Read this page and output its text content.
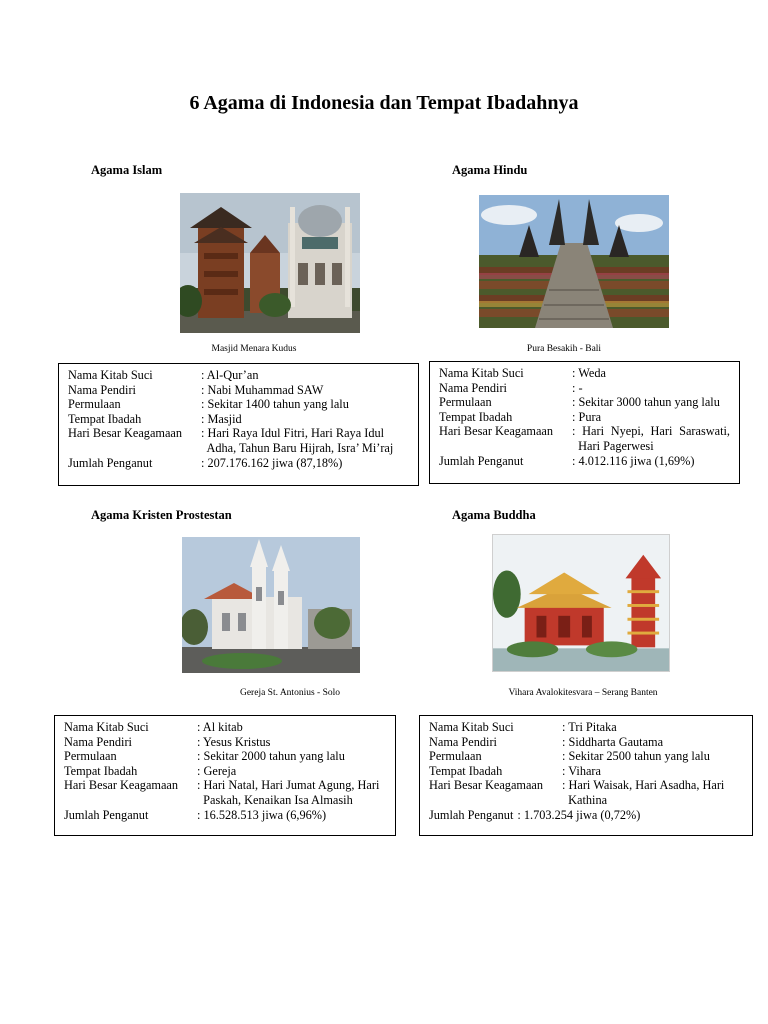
6 Agama di Indonesia dan Tempat Ibadahnya
Agama Islam
Masjid Menara Kudus
Nama Kitab Suci	: Al-Qur’an
Nama Pendiri	: Nabi Muhammad SAW
Permulaan	: Sekitar 1400 tahun yang lalu
Tempat Ibadah	: Masjid
Hari Besar Keagamaan	: Hari Raya Idul Fitri, Hari Raya Idul
Adha, Tahun Baru Hijrah, Isra’ Mi’raj
Jumlah Penganut	: 207.176.162 jiwa (87,18%)
Agama Hindu
Pura Besakih - Bali
Nama Kitab Suci	: Weda
Nama Pendiri	: -
Permulaan	: Sekitar 3000 tahun yang lalu
Tempat Ibadah	: Pura
Hari Besar Keagamaan	: Hari Nyepi, Hari Saraswati,
Hari Pagerwesi
Jumlah Penganut	: 4.012.116 jiwa (1,69%)
Agama Kristen Prostestan
Gereja St. Antonius - Solo
Nama Kitab Suci	: Al kitab
Nama Pendiri	: Yesus Kristus
Permulaan	: Sekitar 2000 tahun yang lalu
Tempat Ibadah	: Gereja
Hari Besar Keagamaan	: Hari Natal, Hari Jumat Agung, Hari
Paskah, Kenaikan Isa Almasih
Jumlah Penganut	: 16.528.513 jiwa (6,96%)
Agama Buddha
Vihara Avalokitesvara – Serang Banten
Nama Kitab Suci	: Tri Pitaka
Nama Pendiri	: Siddharta Gautama
Permulaan	: Sekitar 2500 tahun yang lalu
Tempat Ibadah	: Vihara
Hari Besar Keagamaan	: Hari Waisak, Hari Asadha, Hari
Kathina
Jumlah Penganut : 1.703.254 jiwa (0,72%)
